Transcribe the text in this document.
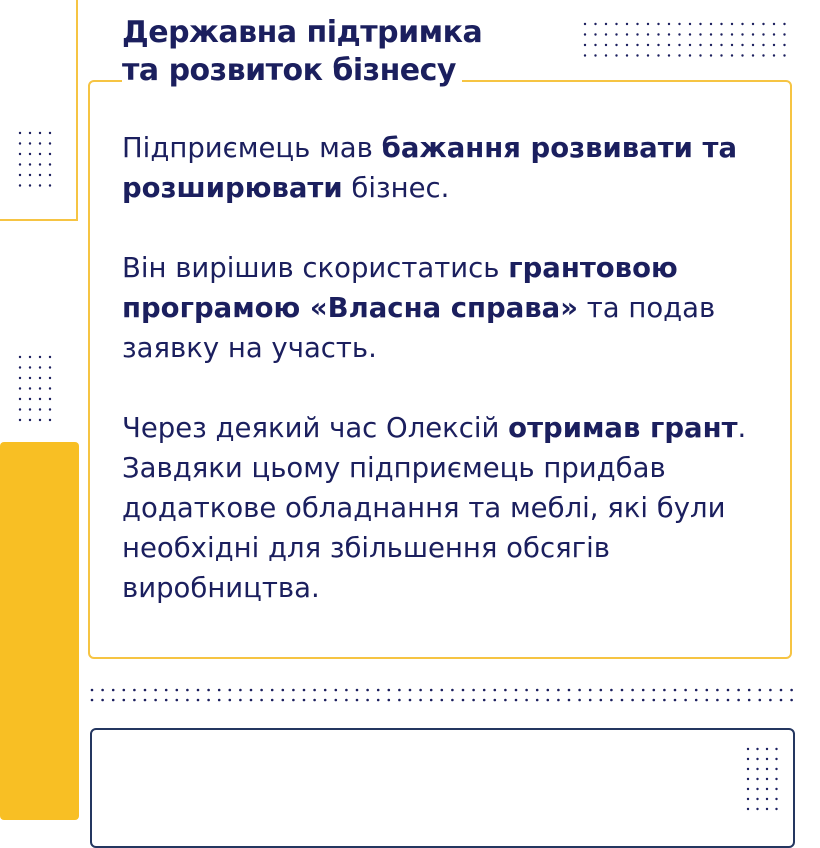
Державна підтримка
та розвиток бізнесу

Підприємець мав бажання розвивати та розширювати бізнес.

Він вирішив скористатись грантовою програмою «Власна справа» та подав заявку на участь.

Через деякий час Олексій отримав грант. Завдяки цьому підприємець придбав додаткове обладнання та меблі, які були необхідні для збільшення обсягів виробництва.
